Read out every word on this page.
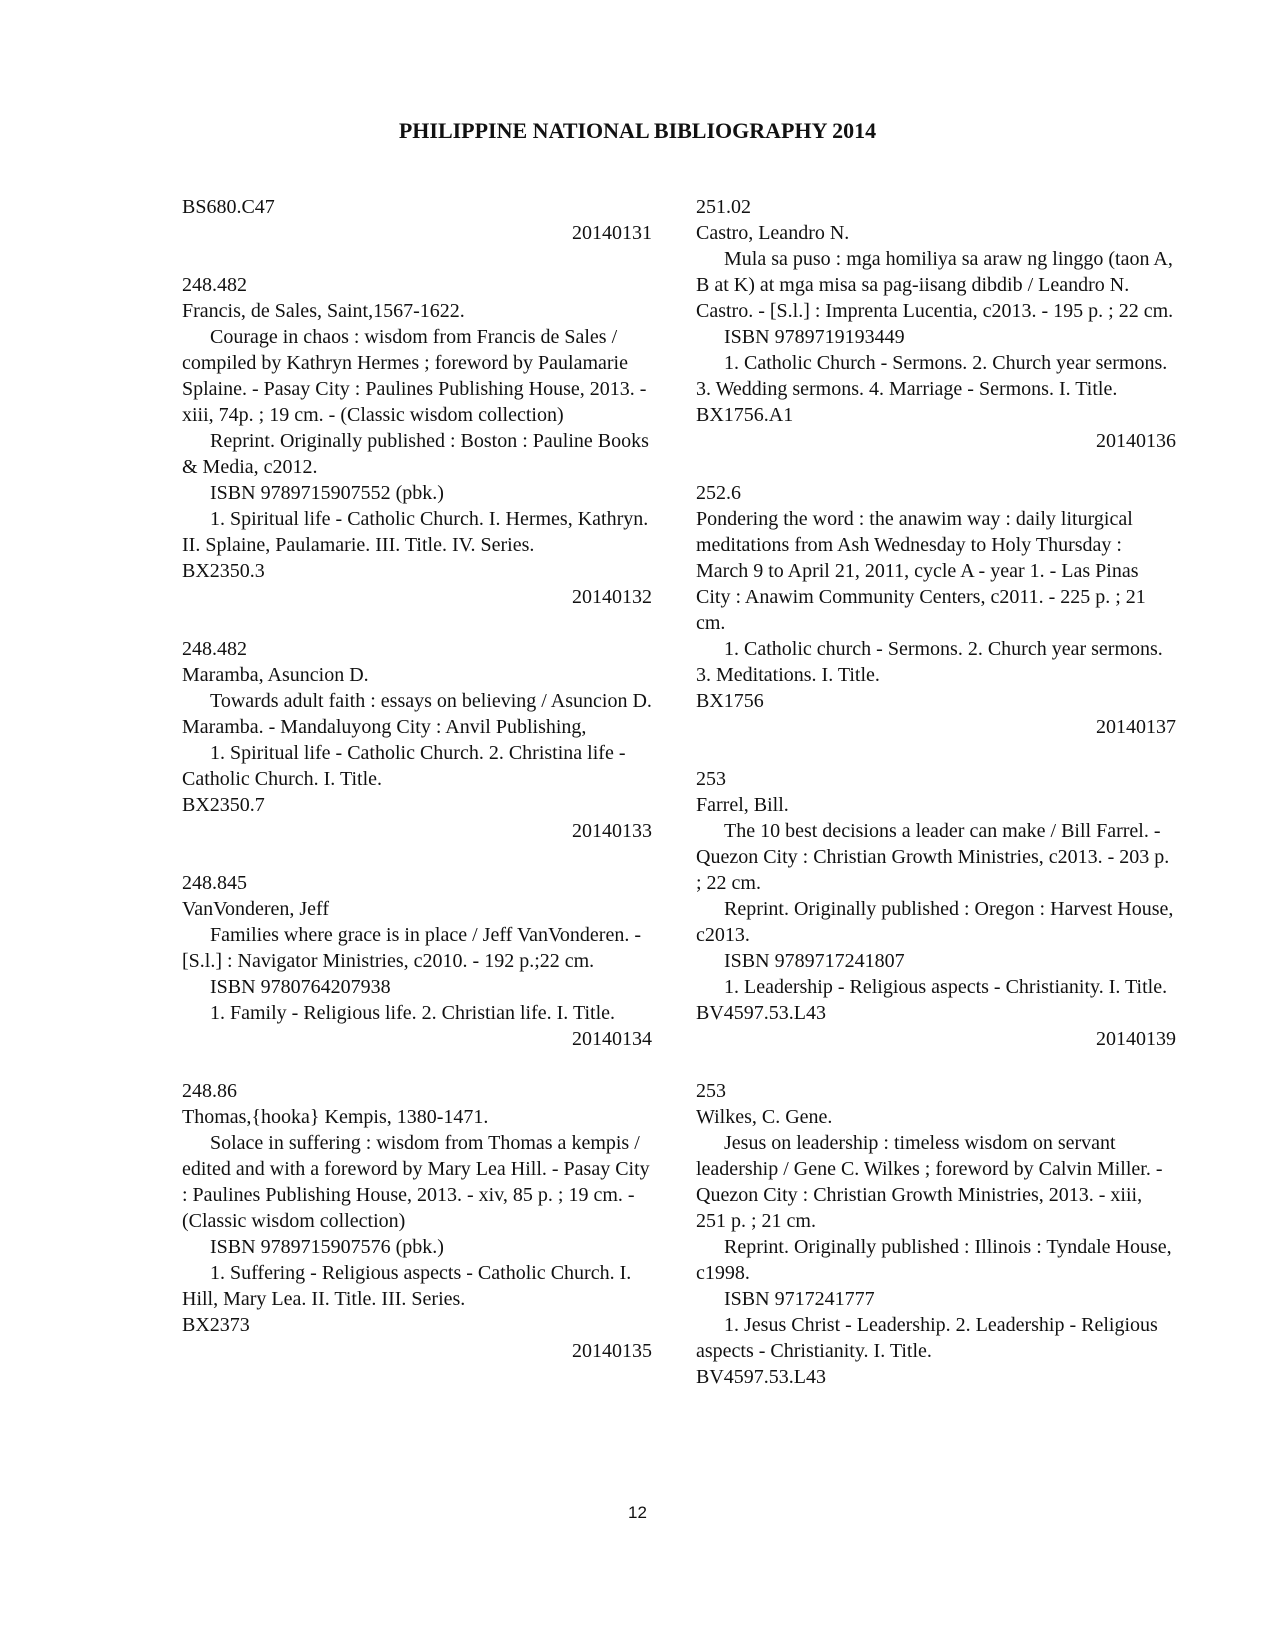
PHILIPPINE NATIONAL BIBLIOGRAPHY 2014

BS680.C47

20140131

248.482

Francis, de Sales, Saint,1567-1622.

Courage in chaos : wisdom from Francis de Sales / compiled by Kathryn Hermes ; foreword by Paulamarie Splaine. - Pasay City : Paulines Publishing House, 2013. - xiii, 74p. ; 19 cm. - (Classic wisdom collection)

Reprint. Originally published : Boston : Pauline Books & Media, c2012.

ISBN 9789715907552 (pbk.)

1. Spiritual life - Catholic Church. I. Hermes, Kathryn. II. Splaine, Paulamarie. III. Title. IV. Series.

BX2350.3

20140132

248.482

Maramba, Asuncion D.

Towards adult faith : essays on believing / Asuncion D. Maramba. - Mandaluyong City : Anvil Publishing,

1. Spiritual life - Catholic Church. 2. Christina life - Catholic Church. I. Title.

BX2350.7

20140133

248.845

VanVonderen, Jeff

Families where grace is in place / Jeff VanVonderen. - [S.l.] : Navigator Ministries, c2010. - 192 p.;22 cm.

ISBN 9780764207938

1. Family - Religious life. 2. Christian life. I. Title.

20140134

248.86

Thomas,{hooka} Kempis, 1380-1471.

Solace in suffering : wisdom from Thomas a kempis / edited and with a foreword by Mary Lea Hill. - Pasay City : Paulines Publishing House, 2013. - xiv, 85 p. ; 19 cm. - (Classic wisdom collection)

ISBN 9789715907576 (pbk.)

1. Suffering - Religious aspects - Catholic Church. I. Hill, Mary Lea. II. Title. III. Series.

BX2373

20140135

251.02

Castro, Leandro N.

Mula sa puso : mga homiliya sa araw ng linggo (taon A, B at K) at mga misa sa pag-iisang dibdib / Leandro N. Castro. - [S.l.] : Imprenta Lucentia, c2013. - 195 p. ; 22 cm.

ISBN 9789719193449

1. Catholic Church - Sermons. 2. Church year sermons. 3. Wedding sermons. 4. Marriage - Sermons. I. Title.

BX1756.A1

20140136

252.6

Pondering the word : the anawim way : daily liturgical meditations from Ash Wednesday to Holy Thursday : March 9 to April 21, 2011, cycle A - year 1. - Las Pinas City : Anawim Community Centers, c2011. - 225 p. ; 21 cm.

1. Catholic church - Sermons. 2. Church year sermons. 3. Meditations. I. Title.

BX1756

20140137

253

Farrel, Bill.

The 10 best decisions a leader can make / Bill Farrel. - Quezon City : Christian Growth Ministries, c2013. - 203 p. ; 22 cm.

Reprint. Originally published : Oregon : Harvest House, c2013.

ISBN 9789717241807

1. Leadership - Religious aspects - Christianity. I. Title.

BV4597.53.L43

20140139

253

Wilkes, C. Gene.

Jesus on leadership : timeless wisdom on servant leadership / Gene C. Wilkes ; foreword by Calvin Miller. - Quezon City : Christian Growth Ministries, 2013. - xiii, 251 p. ; 21 cm.

Reprint. Originally published : Illinois : Tyndale House, c1998.

ISBN 9717241777

1. Jesus Christ - Leadership. 2. Leadership - Religious aspects - Christianity. I. Title.

BV4597.53.L43

12
